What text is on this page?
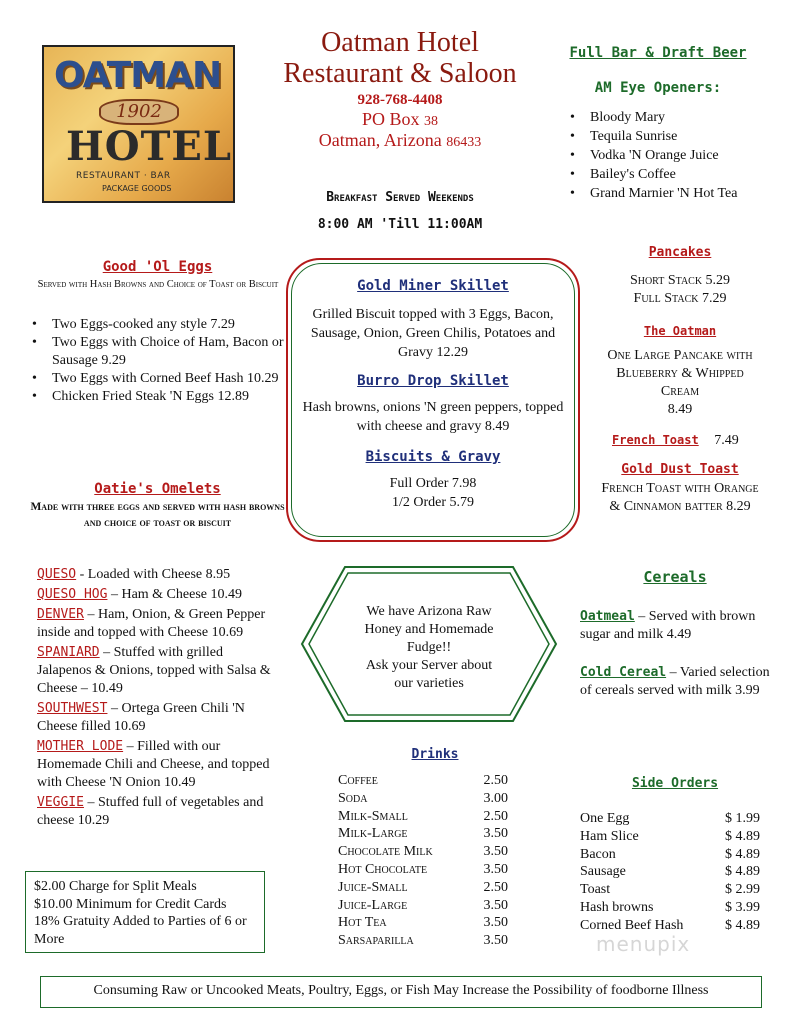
OATMAN
1902
HOTEL
RESTAURANT · BAR
PACKAGE GOODS
Oatman Hotel
Restaurant & Saloon
928-768-4408
PO Box 38
Oatman, Arizona 86433
Breakfast Served Weekends
8:00 AM 'Till 11:00AM
Full Bar & Draft Beer
AM Eye Openers:
• Bloody Mary
• Tequila Sunrise
• Vodka 'N Orange Juice
• Bailey's Coffee
• Grand Marnier 'N Hot Tea
Good 'Ol Eggs
Served with Hash Browns and Choice of Toast or Biscuit
• Two Eggs-cooked any style 7.29
• Two Eggs with Choice of Ham, Bacon or Sausage 9.29
• Two Eggs with Corned Beef Hash 10.29
• Chicken Fried Steak 'N Eggs 12.89
Gold Miner Skillet
Grilled Biscuit topped with 3 Eggs, Bacon, Sausage, Onion, Green Chilis, Potatoes and Gravy 12.29
Burro Drop Skillet
Hash browns, onions 'N green peppers, topped with cheese and gravy 8.49
Biscuits & Gravy
Full Order 7.98
1/2 Order 5.79
Pancakes
Short Stack 5.29
Full Stack 7.29
The Oatman
One Large Pancake with Blueberry & Whipped Cream
8.49
French Toast 7.49
Gold Dust Toast
French Toast with Orange & Cinnamon batter 8.29
Oatie's Omelets
Made with three eggs and served with hash browns and choice of toast or biscuit
QUESO - Loaded with Cheese 8.95
QUESO HOG – Ham & Cheese 10.49
DENVER – Ham, Onion, & Green Pepper inside and topped with Cheese 10.69
SPANIARD – Stuffed with grilled Jalapenos & Onions, topped with Salsa & Cheese – 10.49
SOUTHWEST – Ortega Green Chili 'N Cheese filled 10.69
MOTHER LODE – Filled with our Homemade Chili and Cheese, and topped with Cheese 'N Onion 10.49
VEGGIE – Stuffed full of vegetables and cheese 10.29
We have Arizona Raw
Honey and Homemade
Fudge!!
Ask your Server about
our varieties
Cereals
Oatmeal – Served with brown sugar and milk 4.49
Cold Cereal – Varied selection of cereals served with milk 3.99
Drinks
Coffee	2.50
Soda	3.00
Milk-Small	2.50
Milk-Large	3.50
Chocolate Milk	3.50
Hot Chocolate	3.50
Juice-Small	2.50
Juice-Large	3.50
Hot Tea	3.50
Sarsaparilla	3.50
Side Orders
One Egg	$ 1.99
Ham Slice	$ 4.89
Bacon	$ 4.89
Sausage	$ 4.89
Toast	$ 2.99
Hash browns	$ 3.99
Corned Beef Hash	$ 4.89
$2.00 Charge for Split Meals
$10.00 Minimum for Credit Cards
18% Gratuity Added to Parties of 6 or More	menupix
Consuming Raw or Uncooked Meats, Poultry, Eggs, or Fish May Increase the Possibility of foodborne Illness
